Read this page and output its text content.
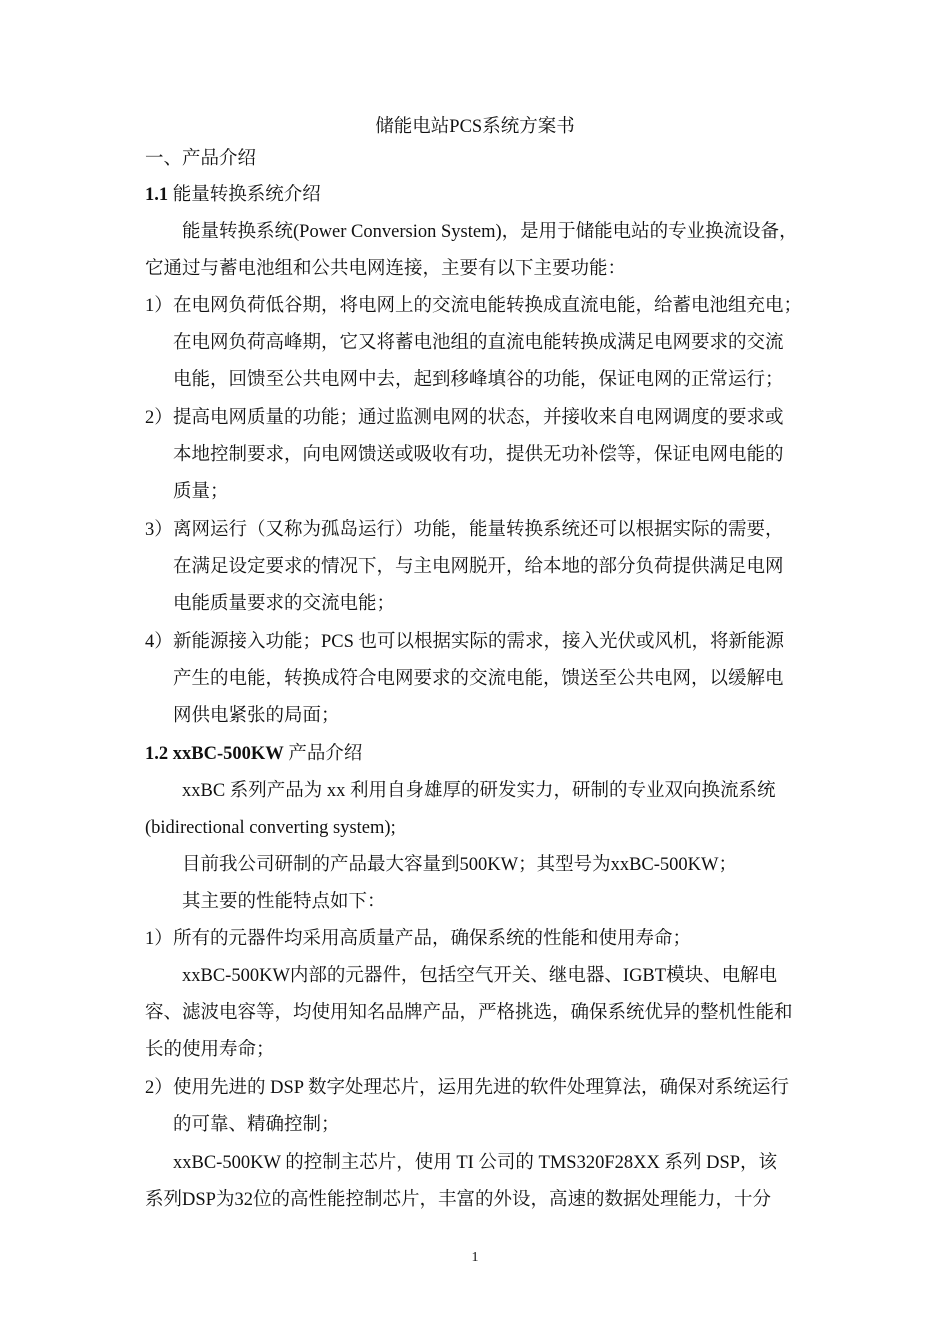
储能电站PCS系统方案书
一、产品介绍
1.1 能量转换系统介绍
能量转换系统(Power Conversion System)，是用于储能电站的专业换流设备，
它通过与蓄电池组和公共电网连接，主要有以下主要功能：
1）在电网负荷低谷期，将电网上的交流电能转换成直流电能，给蓄电池组充电；
在电网负荷高峰期，它又将蓄电池组的直流电能转换成满足电网要求的交流
电能，回馈至公共电网中去，起到移峰填谷的功能，保证电网的正常运行；
2）提高电网质量的功能；通过监测电网的状态，并接收来自电网调度的要求或
本地控制要求，向电网馈送或吸收有功，提供无功补偿等，保证电网电能的
质量；
3）离网运行（又称为孤岛运行）功能，能量转换系统还可以根据实际的需要，
在满足设定要求的情况下，与主电网脱开，给本地的部分负荷提供满足电网
电能质量要求的交流电能；
4）新能源接入功能；PCS 也可以根据实际的需求，接入光伏或风机，将新能源
产生的电能，转换成符合电网要求的交流电能，馈送至公共电网，以缓解电
网供电紧张的局面；
1.2 xxBC-500KW 产品介绍
xxBC 系列产品为 xx 利用自身雄厚的研发实力，研制的专业双向换流系统
(bidirectional converting system);
目前我公司研制的产品最大容量到500KW；其型号为xxBC-500KW；
其主要的性能特点如下：
1）所有的元器件均采用高质量产品，确保系统的性能和使用寿命；
xxBC-500KW内部的元器件，包括空气开关、继电器、IGBT模块、电解电
容、滤波电容等，均使用知名品牌产品，严格挑选，确保系统优异的整机性能和
长的使用寿命；
2）使用先进的 DSP 数字处理芯片，运用先进的软件处理算法，确保对系统运行
的可靠、精确控制；
xxBC-500KW 的控制主芯片，使用 TI 公司的 TMS320F28XX 系列 DSP，该
系列DSP为32位的高性能控制芯片，丰富的外设，高速的数据处理能力，十分
1
